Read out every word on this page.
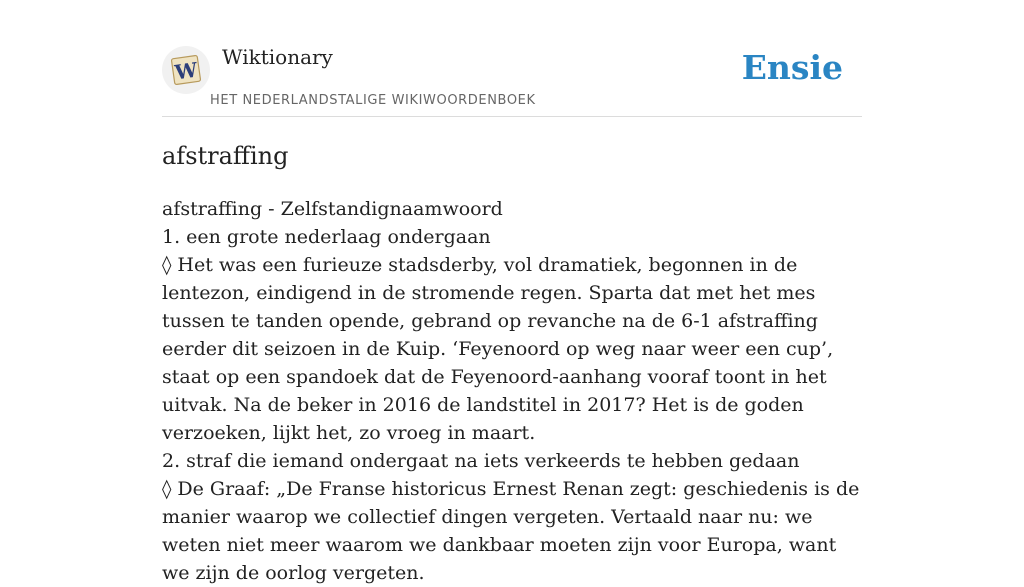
W
Wiktionary
HET NEDERLANDSTALIGE WIKIWOORDENBOEK
Ensie
afstraffing
afstraffing - Zelfstandignaamwoord
1. een grote nederlaag ondergaan
◊ Het was een furieuze stadsderby, vol dramatiek, begonnen in de lentezon, eindigend in de stromende regen. Sparta dat met het mes tussen te tanden opende, gebrand op revanche na de 6-1 afstraffing eerder dit seizoen in de Kuip. ‘Feyenoord op weg naar weer een cup’, staat op een spandoek dat de Feyenoord-aanhang vooraf toont in het uitvak. Na de beker in 2016 de landstitel in 2017? Het is de goden verzoeken, lijkt het, zo vroeg in maart.
2. straf die iemand ondergaat na iets verkeerds te hebben gedaan
◊ De Graaf: „De Franse historicus Ernest Renan zegt: geschiedenis is de manier waarop we collectief dingen vergeten. Vertaald naar nu: we weten niet meer waarom we dankbaar moeten zijn voor Europa, want we zijn de oorlog vergeten.
